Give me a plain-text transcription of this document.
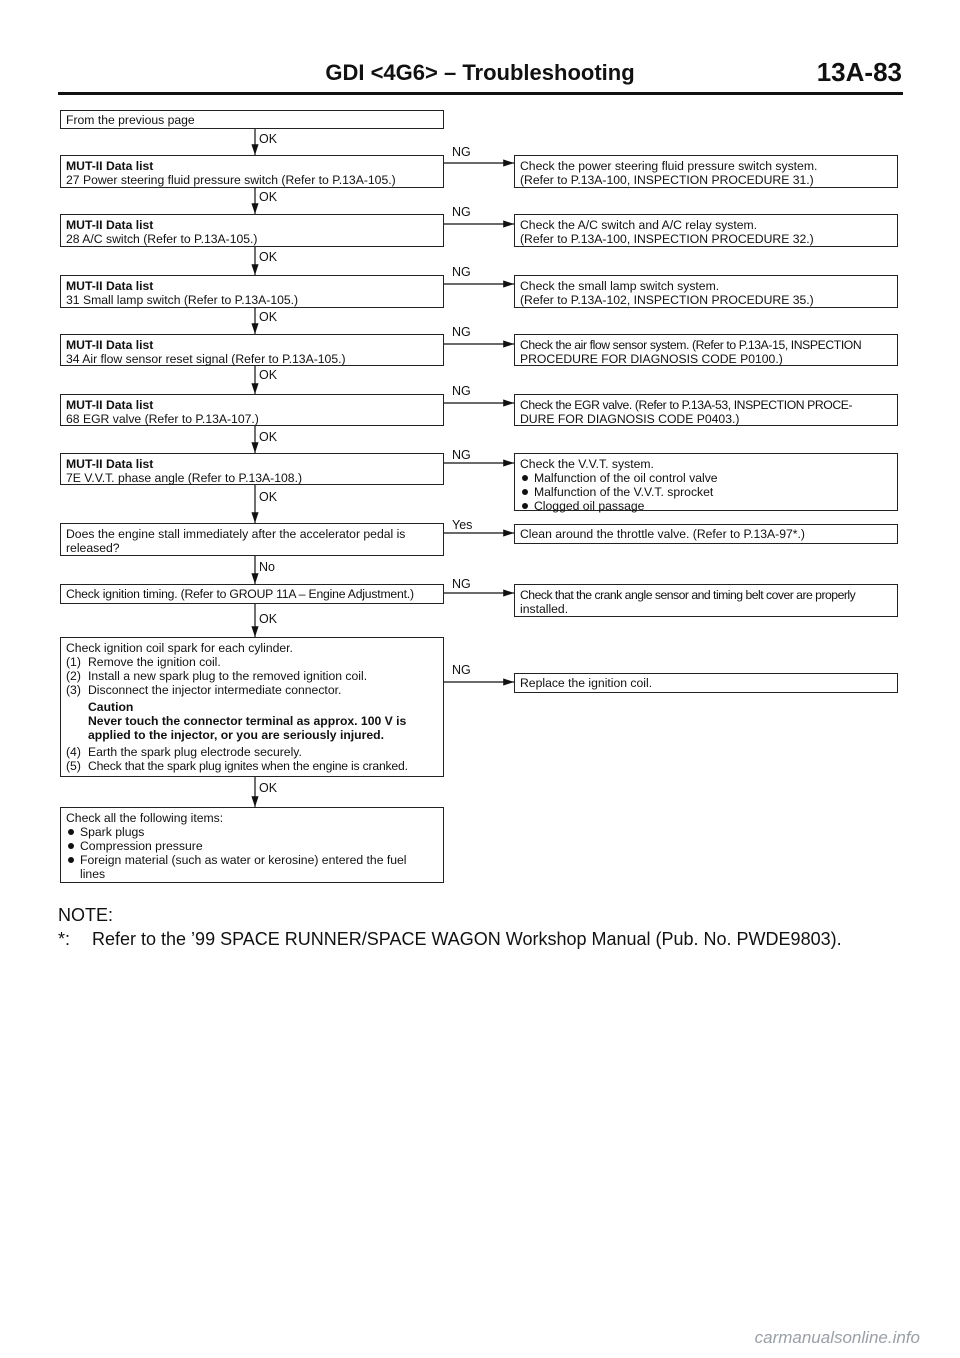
GDI <4G6> – Troubleshooting	13A-83
From the previous page
OK
OK
OK
OK
OK
OK
OK
No
OK
OK
NG
NG
NG
NG
NG
NG
Yes
NG
NG
MUT-II Data list
27 Power steering fluid pressure switch (Refer to P.13A-105.)
MUT-II Data list
28 A/C switch (Refer to P.13A-105.)
MUT-II Data list
31 Small lamp switch (Refer to P.13A-105.)
MUT-II Data list
34 Air flow sensor reset signal (Refer to P.13A-105.)
MUT-II Data list
68 EGR valve (Refer to P.13A-107.)
MUT-II Data list
7E V.V.T. phase angle (Refer to P.13A-108.)
Does the engine stall immediately after the accelerator pedal is
released?
Check ignition timing. (Refer to GROUP 11A – Engine Adjustment.)
Check ignition coil spark for each cylinder.
(1) Remove the ignition coil.
(2) Install a new spark plug to the removed ignition coil.
(3) Disconnect the injector intermediate connector.
Caution
Never touch the connector terminal as approx. 100 V is
applied to the injector, or you are seriously injured.
(4) Earth the spark plug electrode securely.
(5) Check that the spark plug ignites when the engine is cranked.
Check all the following items:
Spark plugs
Compression pressure
Foreign material (such as water or kerosine) entered the fuel
lines
Check the power steering fluid pressure switch system.
(Refer to P.13A-100, INSPECTION PROCEDURE 31.)
Check the A/C switch and A/C relay system.
(Refer to P.13A-100, INSPECTION PROCEDURE 32.)
Check the small lamp switch system.
(Refer to P.13A-102, INSPECTION PROCEDURE 35.)
Check the air flow sensor system. (Refer to P.13A-15, INSPECTION
PROCEDURE FOR DIAGNOSIS CODE P0100.)
Check the EGR valve. (Refer to P.13A-53, INSPECTION PROCE-
DURE FOR DIAGNOSIS CODE P0403.)
Check the V.V.T. system.
Malfunction of the oil control valve
Malfunction of the V.V.T. sprocket
Clogged oil passage
Clean around the throttle valve. (Refer to P.13A-97*.)
Check that the crank angle sensor and timing belt cover are properly
installed.
Replace the ignition coil.
NOTE:
*: Refer to the ’99 SPACE RUNNER/SPACE WAGON Workshop Manual (Pub. No. PWDE9803).
carmanualsonline.info
